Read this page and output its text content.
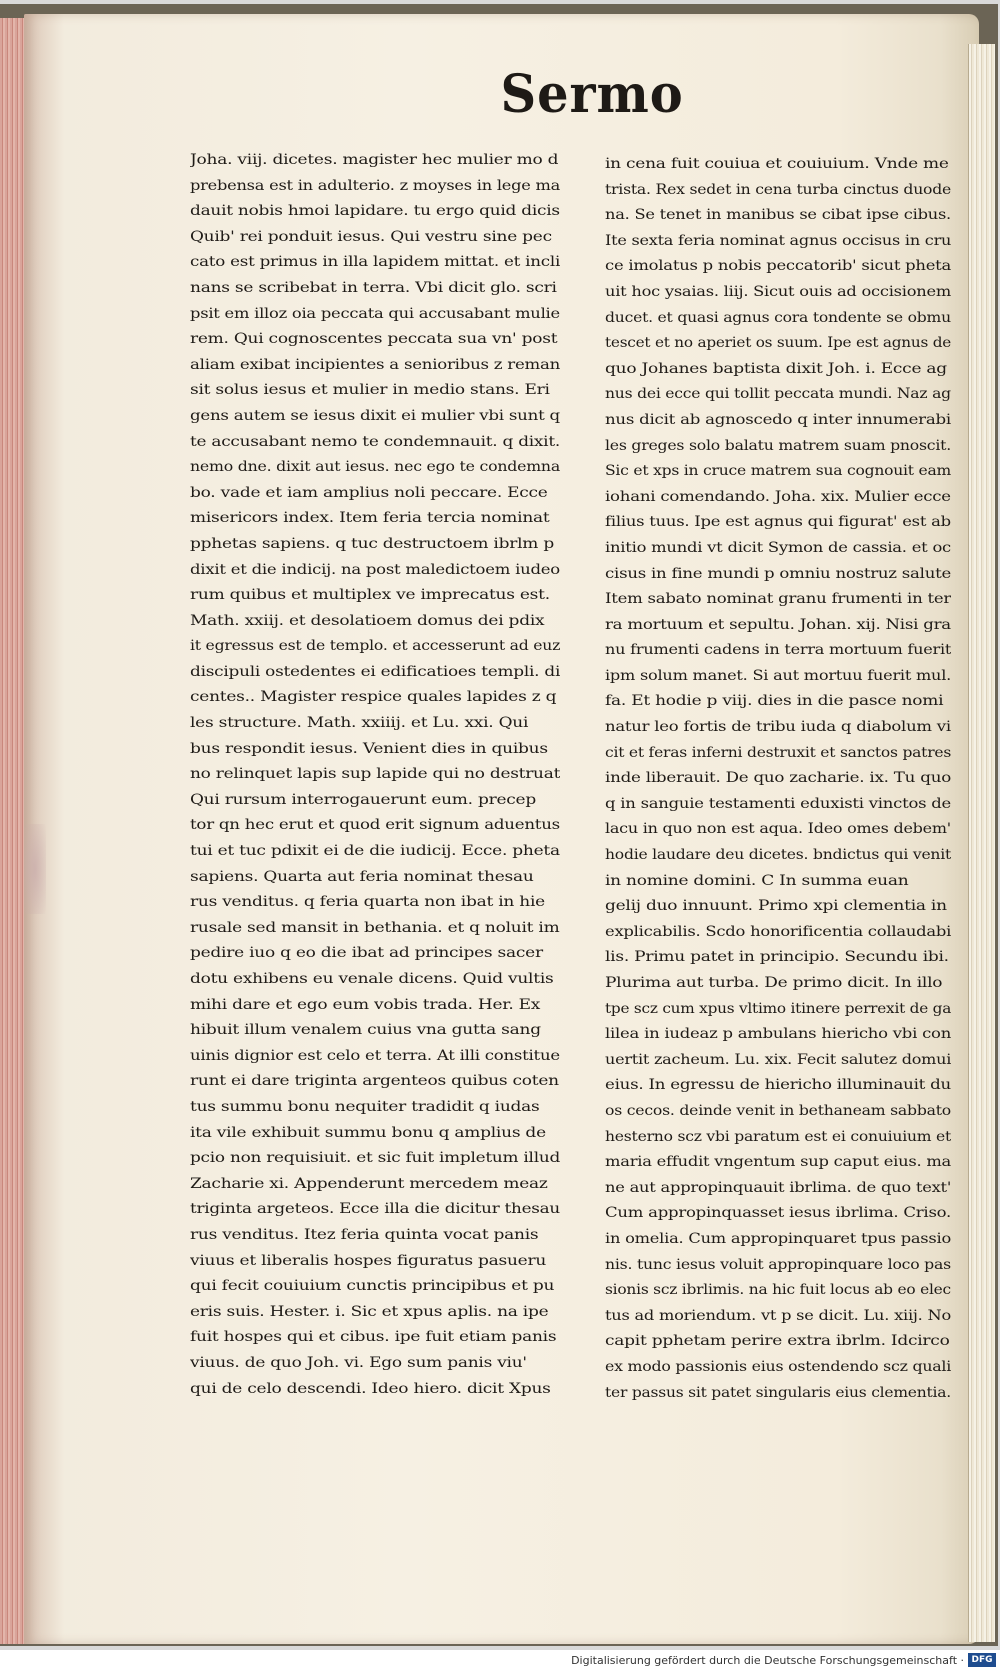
Sermo
Joha. viij. dicetes. magister hec mulier mo d
prebensa est in adulterio. z moyses in lege ma
dauit nobis hmoi lapidare. tu ergo quid dicis
Quib' rei ponduit iesus. Qui vestru sine pec
cato est primus in illa lapidem mittat. et incli
nans se scribebat in terra. Vbi dicit glo. scri
psit em illoz oia peccata qui accusabant mulie
rem. Qui cognoscentes peccata sua vn' post
aliam exibat incipientes a senioribus z reman
sit solus iesus et mulier in medio stans. Eri
gens autem se iesus dixit ei mulier vbi sunt q
te accusabant nemo te condemnauit. q dixit.
nemo dne. dixit aut iesus. nec ego te condemna
bo. vade et iam amplius noli peccare. Ecce
misericors index. Item feria tercia nominat
pphetas sapiens. q tuc destructoem ibrlm p
dixit et die indicij. na post maledictoem iudeo
rum quibus et multiplex ve imprecatus est.
Math. xxiij. et desolatioem domus dei pdix
it egressus est de templo. et accesserunt ad euz
discipuli ostedentes ei edificatioes templi. di
centes.. Magister respice quales lapides z q
les structure. Math. xxiiij. et Lu. xxi. Qui
bus respondit iesus. Venient dies in quibus
no relinquet lapis sup lapide qui no destruat
Qui rursum interrogauerunt eum. precep
tor qn hec erut et quod erit signum aduentus
tui et tuc pdixit ei de die iudicij. Ecce. pheta
sapiens. Quarta aut feria nominat thesau
rus venditus. q feria quarta non ibat in hie
rusale sed mansit in bethania. et q noluit im
pedire iuo q eo die ibat ad principes sacer
dotu exhibens eu venale dicens. Quid vultis
mihi dare et ego eum vobis trada. Her. Ex
hibuit illum venalem cuius vna gutta sang
uinis dignior est celo et terra. At illi constitue
runt ei dare triginta argenteos quibus coten
tus summu bonu nequiter tradidit q iudas
ita vile exhibuit summu bonu q amplius de
pcio non requisiuit. et sic fuit impletum illud
Zacharie xi. Appenderunt mercedem meaz
triginta argeteos. Ecce illa die dicitur thesau
rus venditus. Itez feria quinta vocat panis
viuus et liberalis hospes figuratus pasueru
qui fecit couiuium cunctis principibus et pu
eris suis. Hester. i. Sic et xpus aplis. na ipe
fuit hospes qui et cibus. ipe fuit etiam panis
viuus. de quo Joh. vi. Ego sum panis viu'
qui de celo descendi. Ideo hiero. dicit Xpus
in cena fuit couiua et couiuium. Vnde me
trista. Rex sedet in cena turba cinctus duode
na. Se tenet in manibus se cibat ipse cibus.
Ite sexta feria nominat agnus occisus in cru
ce imolatus p nobis peccatorib' sicut pheta
uit hoc ysaias. liij. Sicut ouis ad occisionem
ducet. et quasi agnus cora tondente se obmu
tescet et no aperiet os suum. Ipe est agnus de
quo Johanes baptista dixit Joh. i. Ecce ag
nus dei ecce qui tollit peccata mundi. Naz ag
nus dicit ab agnoscedo q inter innumerabi
les greges solo balatu matrem suam pnoscit.
Sic et xps in cruce matrem sua cognouit eam
iohani comendando. Joha. xix. Mulier ecce
filius tuus. Ipe est agnus qui figurat' est ab
initio mundi vt dicit Symon de cassia. et oc
cisus in fine mundi p omniu nostruz salute
Item sabato nominat granu frumenti in ter
ra mortuum et sepultu. Johan. xij. Nisi gra
nu frumenti cadens in terra mortuum fuerit
ipm solum manet. Si aut mortuu fuerit mul.
fa. Et hodie p viij. dies in die pasce nomi
natur leo fortis de tribu iuda q diabolum vi
cit et feras inferni destruxit et sanctos patres
inde liberauit. De quo zacharie. ix. Tu quo
q in sanguie testamenti eduxisti vinctos de
lacu in quo non est aqua. Ideo omes debem'
hodie laudare deu dicetes. bndictus qui venit
in nomine domini. C In summa euan
gelij duo innuunt. Primo xpi clementia in
explicabilis. Scdo honorificentia collaudabi
lis. Primu patet in principio. Secundu ibi.
Plurima aut turba. De primo dicit. In illo
tpe scz cum xpus vltimo itinere perrexit de ga
lilea in iudeaz p ambulans hiericho vbi con
uertit zacheum. Lu. xix. Fecit salutez domui
eius. In egressu de hiericho illuminauit du
os cecos. deinde venit in bethaneam sabbato
hesterno scz vbi paratum est ei conuiuium et
maria effudit vngentum sup caput eius. ma
ne aut appropinquauit ibrlima. de quo text'
Cum appropinquasset iesus ibrlima. Criso.
in omelia. Cum appropinquaret tpus passio
nis. tunc iesus voluit appropinquare loco pas
sionis scz ibrlimis. na hic fuit locus ab eo elec
tus ad moriendum. vt p se dicit. Lu. xiij. No
capit pphetam perire extra ibrlm. Idcirco
ex modo passionis eius ostendendo scz quali
ter passus sit patet singularis eius clementia.
Digitalisierung gefördert durch die Deutsche Forschungsgemeinschaft · DFG
